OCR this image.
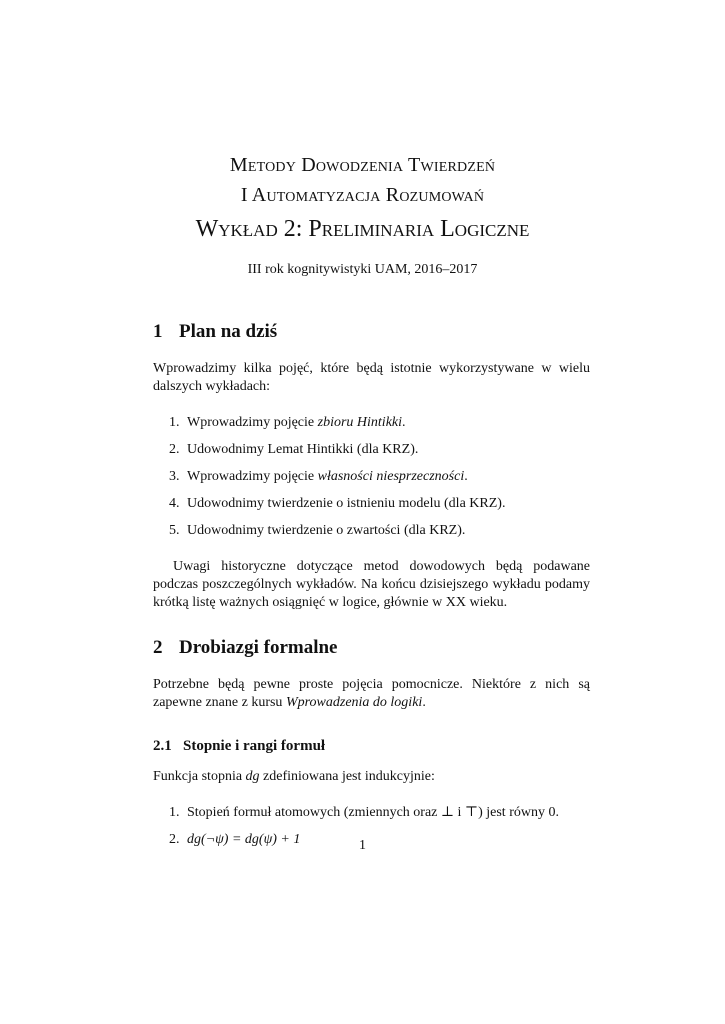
Metody Dowodzenia Twierdzeń
I Automatyzacja Rozumowań
Wykład 2: Preliminaria Logiczne
III rok kognitywistyki UAM, 2016–2017
1 Plan na dziś

Wprowadzimy kilka pojęć, które będą istotnie wykorzystywane w wielu dalszych wykładach:

1. Wprowadzimy pojęcie zbioru Hintikki.
2. Udowodnimy Lemat Hintikki (dla KRZ).
3. Wprowadzimy pojęcie własności niesprzeczności.
4. Udowodnimy twierdzenie o istnieniu modelu (dla KRZ).
5. Udowodnimy twierdzenie o zwartości (dla KRZ).

Uwagi historyczne dotyczące metod dowodowych będą podawane podczas poszczególnych wykładów. Na końcu dzisiejszego wykładu podamy krótką listę ważnych osiągnięć w logice, głównie w XX wieku.

2 Drobiazgi formalne

Potrzebne będą pewne proste pojęcia pomocnicze. Niektóre z nich są zapewne znane z kursu Wprowadzenia do logiki.

2.1 Stopnie i rangi formuł

Funkcja stopnia dg zdefiniowana jest indukcyjnie:

1. Stopień formuł atomowych (zmiennych oraz ⊥ i ⊤) jest równy 0.
2. dg(¬ψ) = dg(ψ) + 1	1
